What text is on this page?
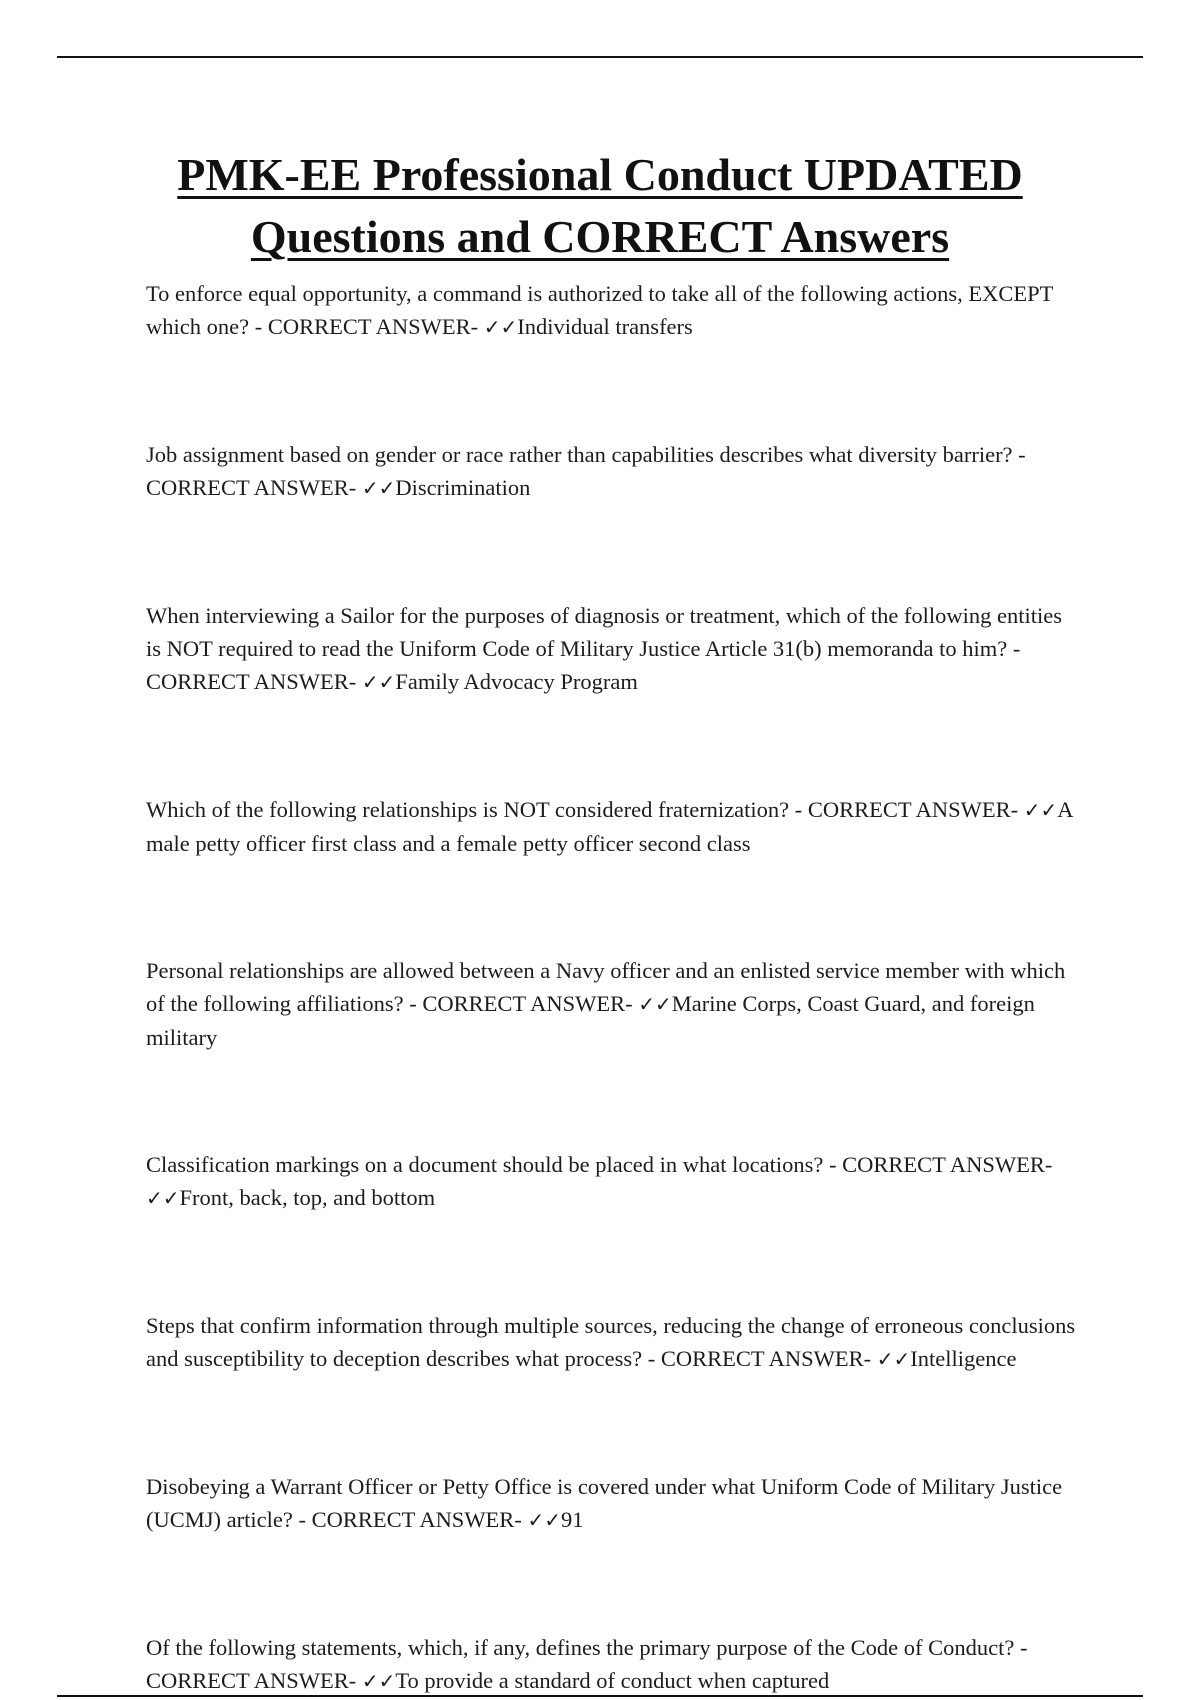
PMK-EE Professional Conduct UPDATED
Questions and CORRECT Answers
To enforce equal opportunity, a command is authorized to take all of the following actions, EXCEPT which one? - CORRECT ANSWER- ✓✓Individual transfers
Job assignment based on gender or race rather than capabilities describes what diversity barrier? - CORRECT ANSWER- ✓✓Discrimination
When interviewing a Sailor for the purposes of diagnosis or treatment, which of the following entities is NOT required to read the Uniform Code of Military Justice Article 31(b) memoranda to him? - CORRECT ANSWER- ✓✓Family Advocacy Program
Which of the following relationships is NOT considered fraternization? - CORRECT ANSWER- ✓✓A male petty officer first class and a female petty officer second class
Personal relationships are allowed between a Navy officer and an enlisted service member with which of the following affiliations? - CORRECT ANSWER- ✓✓Marine Corps, Coast Guard, and foreign military
Classification markings on a document should be placed in what locations? - CORRECT ANSWER- ✓✓Front, back, top, and bottom
Steps that confirm information through multiple sources, reducing the change of erroneous conclusions and susceptibility to deception describes what process? - CORRECT ANSWER- ✓✓Intelligence
Disobeying a Warrant Officer or Petty Office is covered under what Uniform Code of Military Justice (UCMJ) article? - CORRECT ANSWER- ✓✓91
Of the following statements, which, if any, defines the primary purpose of the Code of Conduct? - CORRECT ANSWER- ✓✓To provide a standard of conduct when captured
